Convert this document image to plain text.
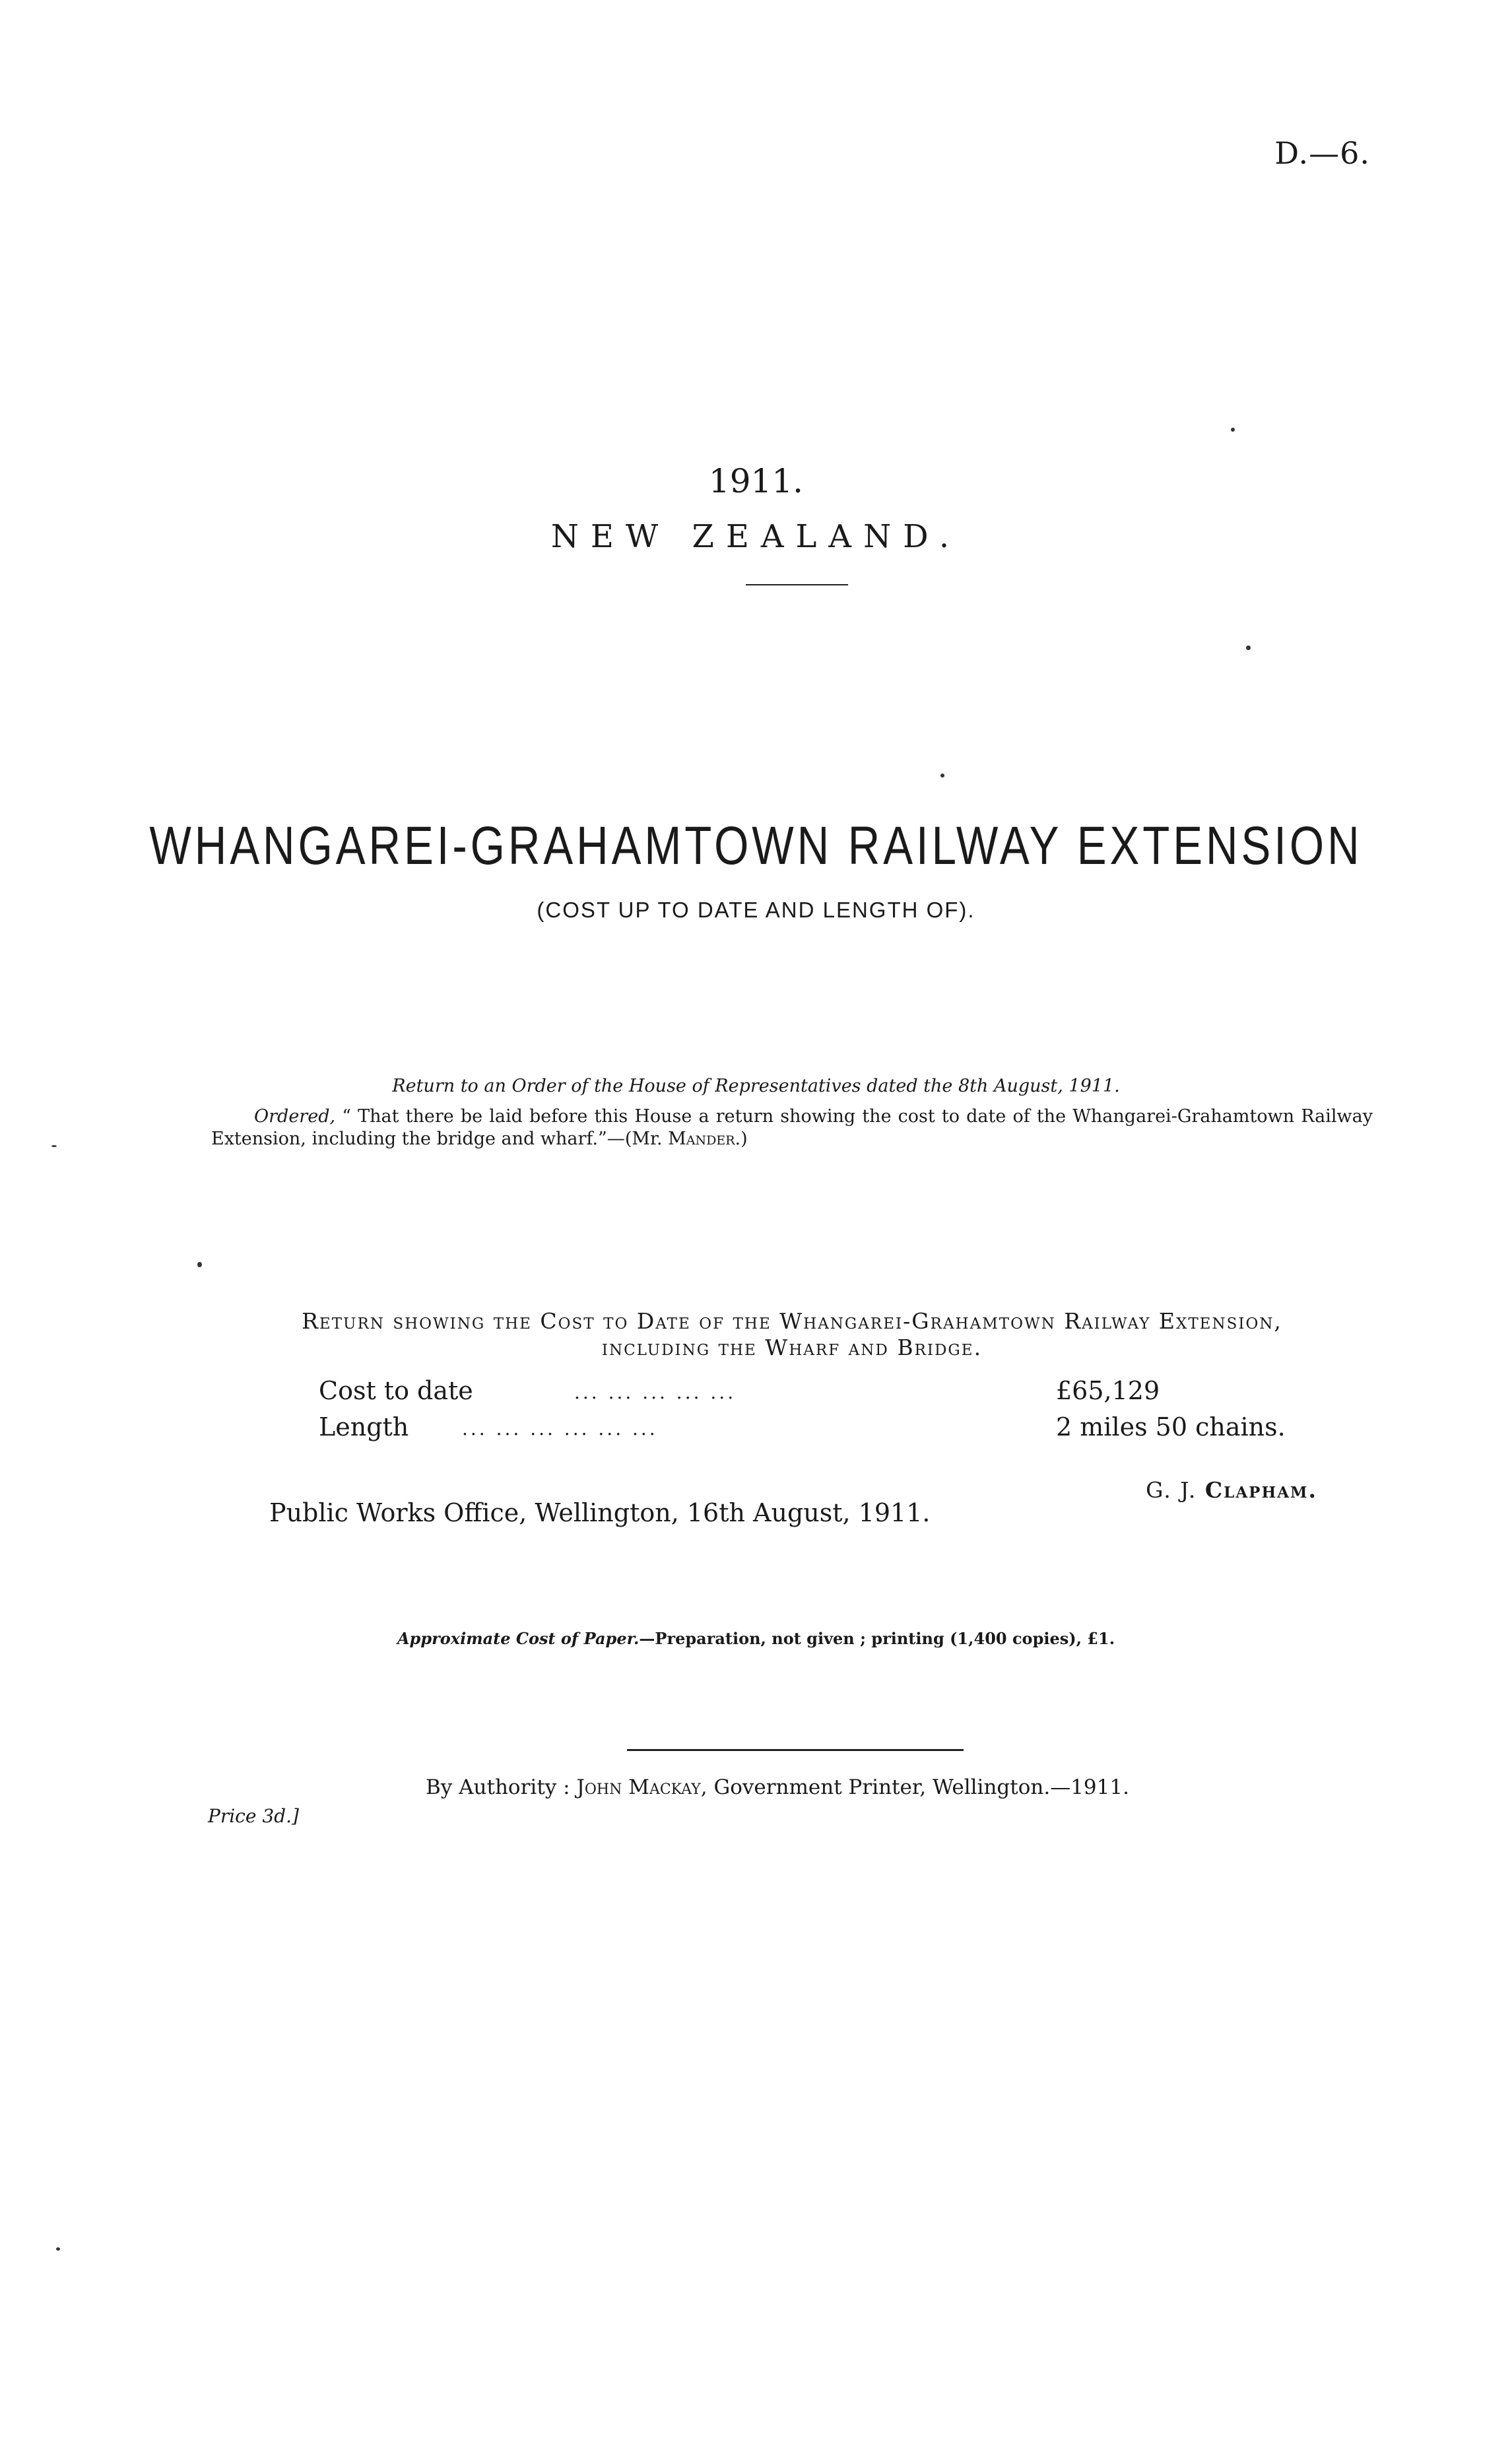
D.—6.
1911.
NEW ZEALAND.
WHANGAREI-GRAHAMTOWN RAILWAY EXTENSION
(COST UP TO DATE AND LENGTH OF).
Return to an Order of the House of Representatives dated the 8th August, 1911.
Ordered, “ That there be laid before this House a return showing the cost to date of the Whangarei-Grahamtown Railway Extension, including the bridge and wharf.”—(Mr. Mander.)
Return showing the Cost to Date of the Whangarei-Grahamtown Railway Extension,
including the Wharf and Bridge.
Cost to date	... ... ... ... ...	£65,129
Length	... ... ... ... ... ...	2 miles 50 chains.
G. J. Clapham.
Public Works Office, Wellington, 16th August, 1911.
Approximate Cost of Paper.—Preparation, not given ; printing (1,400 copies), £1.
By Authority : John Mackay, Government Printer, Wellington.—1911.
Price 3d.]
